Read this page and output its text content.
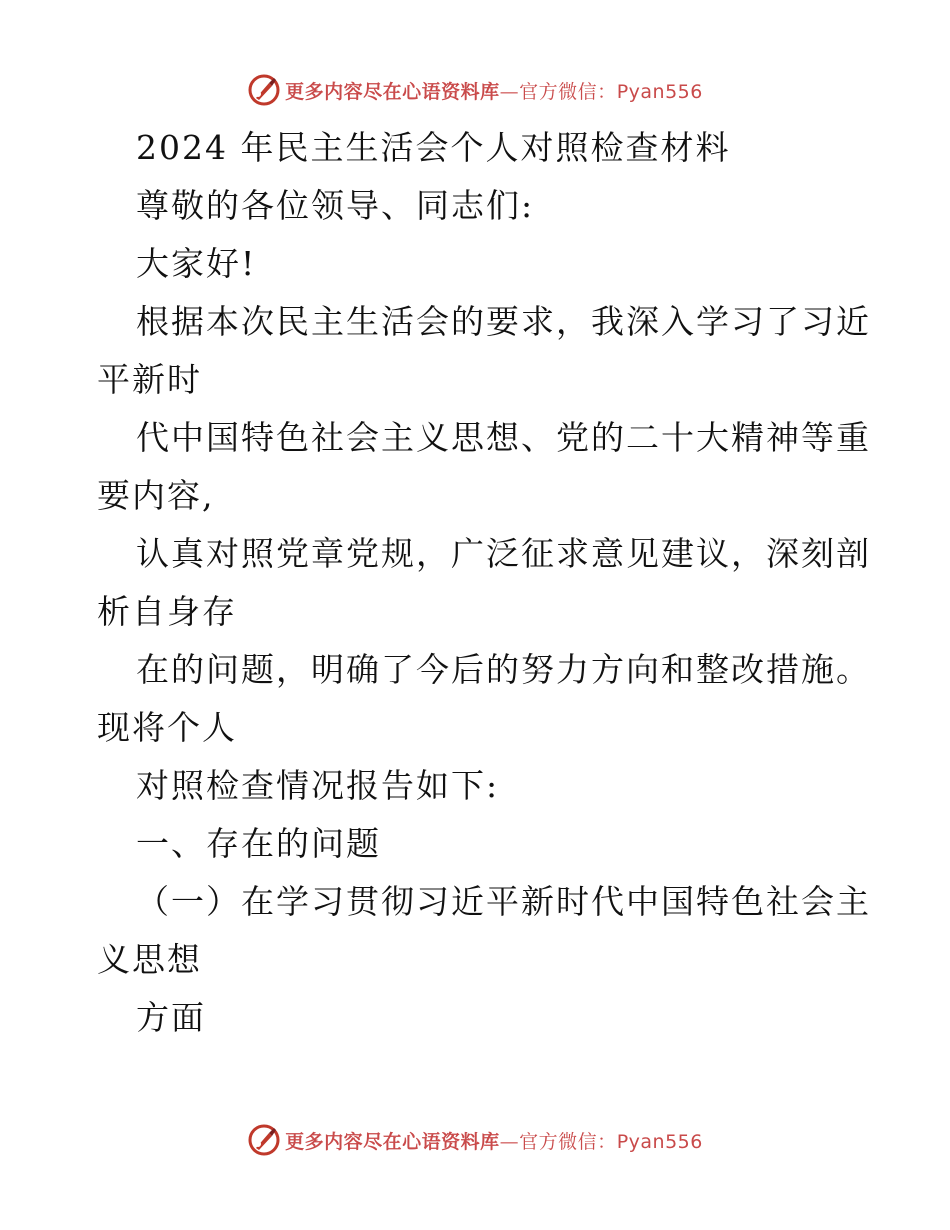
更多内容尽在心语资料库—官方微信：Pyan556
2024 年民主生活会个人对照检查材料
尊敬的各位领导、同志们:
大家好!
根据本次民主生活会的要求，我深入学习了习近
平新时
代中国特色社会主义思想、党的二十大精神等重
要内容,
认真对照党章党规，广泛征求意见建议，深刻剖
析自身存
在的问题，明确了今后的努力方向和整改措施。
现将个人
对照检查情况报告如下:
一、存在的问题
（一）在学习贯彻习近平新时代中国特色社会主
义思想
方面
更多内容尽在心语资料库—官方微信：Pyan556
